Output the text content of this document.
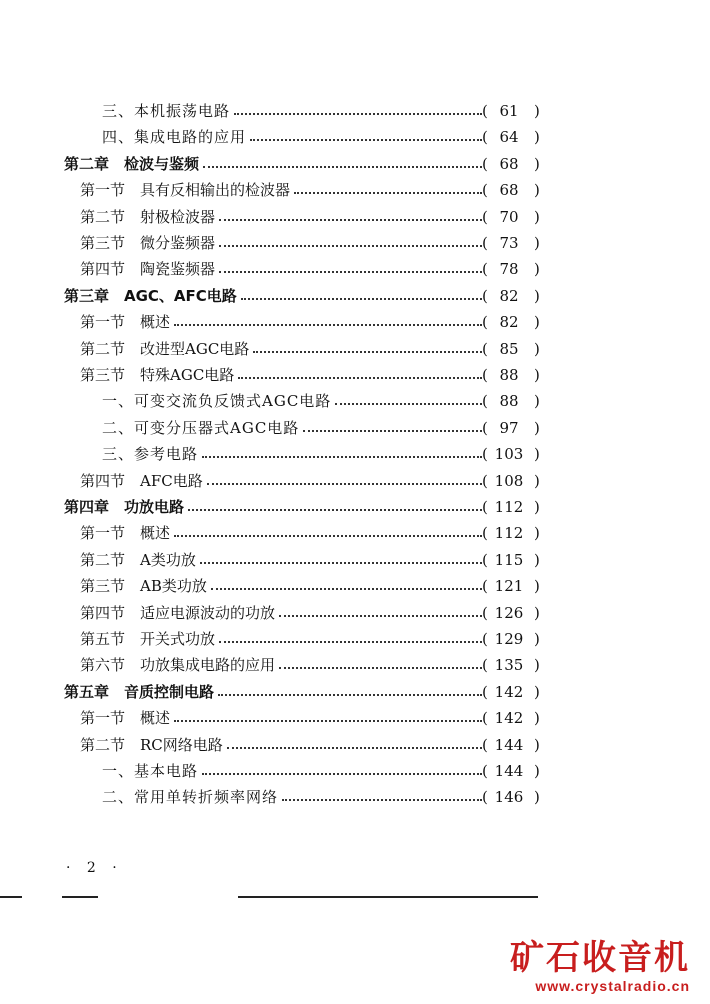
三、本机振荡电路	( 61	)
四、集成电路的应用	( 64	)
第二章　检波与鉴频	( 68	)
第一节　具有反相输出的检波器	( 68	)
第二节　射极检波器	( 70	)
第三节　微分鉴频器	( 73	)
第四节　陶瓷鉴频器	( 78	)
第三章　AGC、AFC电路	( 82	)
第一节　概述	( 82	)
第二节　改进型AGC电路	( 85	)
第三节　特殊AGC电路	( 88	)
一、可变交流负反馈式AGC电路	( 88	)
二、可变分压器式AGC电路	( 97	)
三、参考电路	( 103 )
第四节　AFC电路	( 108 )
第四章　功放电路	( 112 )
第一节　概述	( 112 )
第二节　A类功放	( 115 )
第三节　AB类功放	( 121 )
第四节　适应电源波动的功放	( 126 )
第五节　开关式功放	( 129 )
第六节　功放集成电路的应用	( 135 )
第五章　音质控制电路	( 142 )
第一节　概述	( 142 )
第二节　RC网络电路	( 144 )
一、基本电路	( 144 )
二、常用单转折频率网络	( 146 )
· 2 ·
矿石收音机
www.crystalradio.cn
